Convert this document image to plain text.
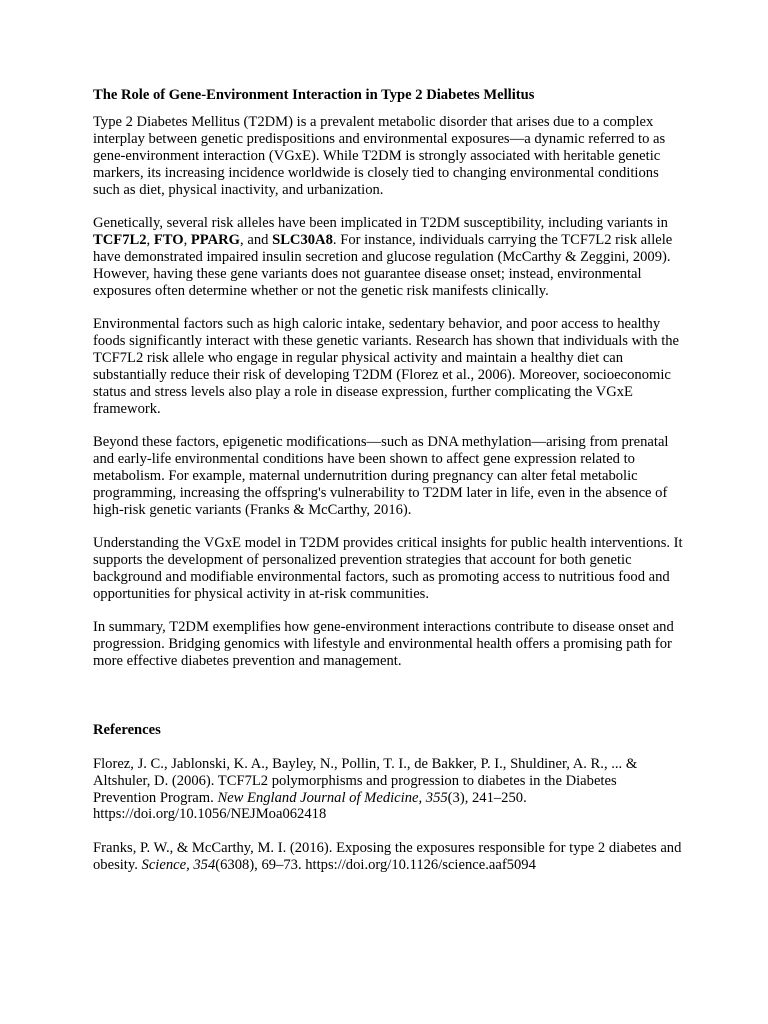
The Role of Gene-Environment Interaction in Type 2 Diabetes Mellitus

Type 2 Diabetes Mellitus (T2DM) is a prevalent metabolic disorder that arises due to a complex interplay between genetic predispositions and environmental exposures—a dynamic referred to as gene-environment interaction (VGxE). While T2DM is strongly associated with heritable genetic markers, its increasing incidence worldwide is closely tied to changing environmental conditions such as diet, physical inactivity, and urbanization.

Genetically, several risk alleles have been implicated in T2DM susceptibility, including variants in TCF7L2, FTO, PPARG, and SLC30A8. For instance, individuals carrying the TCF7L2 risk allele have demonstrated impaired insulin secretion and glucose regulation (McCarthy & Zeggini, 2009). However, having these gene variants does not guarantee disease onset; instead, environmental exposures often determine whether or not the genetic risk manifests clinically.

Environmental factors such as high caloric intake, sedentary behavior, and poor access to healthy foods significantly interact with these genetic variants. Research has shown that individuals with the TCF7L2 risk allele who engage in regular physical activity and maintain a healthy diet can substantially reduce their risk of developing T2DM (Florez et al., 2006). Moreover, socioeconomic status and stress levels also play a role in disease expression, further complicating the VGxE framework.

Beyond these factors, epigenetic modifications—such as DNA methylation—arising from prenatal and early-life environmental conditions have been shown to affect gene expression related to metabolism. For example, maternal undernutrition during pregnancy can alter fetal metabolic programming, increasing the offspring's vulnerability to T2DM later in life, even in the absence of high-risk genetic variants (Franks & McCarthy, 2016).

Understanding the VGxE model in T2DM provides critical insights for public health interventions. It supports the development of personalized prevention strategies that account for both genetic background and modifiable environmental factors, such as promoting access to nutritious food and opportunities for physical activity in at-risk communities.

In summary, T2DM exemplifies how gene-environment interactions contribute to disease onset and progression. Bridging genomics with lifestyle and environmental health offers a promising path for more effective diabetes prevention and management.

References
Florez, J. C., Jablonski, K. A., Bayley, N., Pollin, T. I., de Bakker, P. I., Shuldiner, A. R., ... & Altshuler, D. (2006). TCF7L2 polymorphisms and progression to diabetes in the Diabetes Prevention Program. New England Journal of Medicine, 355(3), 241–250. https://doi.org/10.1056/NEJMoa062418
Franks, P. W., & McCarthy, M. I. (2016). Exposing the exposures responsible for type 2 diabetes and obesity. Science, 354(6308), 69–73. https://doi.org/10.1126/science.aaf5094
